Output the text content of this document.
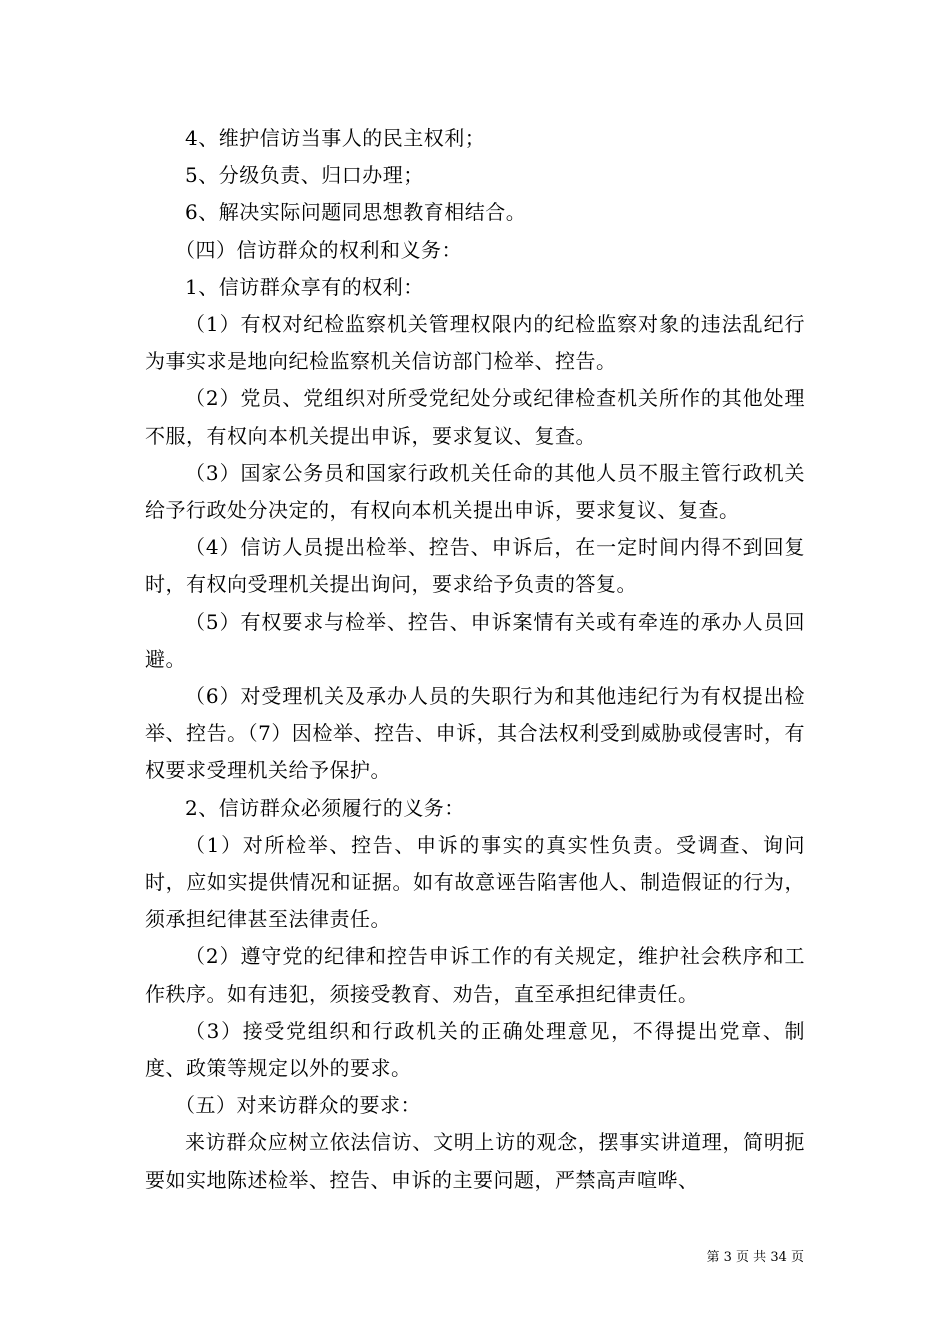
4、维护信访当事人的民主权利；

5、分级负责、归口办理；

6、解决实际问题同思想教育相结合。

（四）信访群众的权利和义务：

1、信访群众享有的权利：

（1）有权对纪检监察机关管理权限内的纪检监察对象的违法乱纪行为事实求是地向纪检监察机关信访部门检举、控告。

（2）党员、党组织对所受党纪处分或纪律检查机关所作的其他处理不服，有权向本机关提出申诉，要求复议、复查。

（3）国家公务员和国家行政机关任命的其他人员不服主管行政机关给予行政处分决定的，有权向本机关提出申诉，要求复议、复查。

（4）信访人员提出检举、控告、申诉后，在一定时间内得不到回复时，有权向受理机关提出询问，要求给予负责的答复。

（5）有权要求与检举、控告、申诉案情有关或有牵连的承办人员回避。

（6）对受理机关及承办人员的失职行为和其他违纪行为有权提出检举、控告。（7）因检举、控告、申诉，其合法权利受到威胁或侵害时，有权要求受理机关给予保护。

2、信访群众必须履行的义务：

（1）对所检举、控告、申诉的事实的真实性负责。受调查、询问时，应如实提供情况和证据。如有故意诬告陷害他人、制造假证的行为，须承担纪律甚至法律责任。

（2）遵守党的纪律和控告申诉工作的有关规定，维护社会秩序和工作秩序。如有违犯，须接受教育、劝告，直至承担纪律责任。

（3）接受党组织和行政机关的正确处理意见，不得提出党章、制度、政策等规定以外的要求。

（五）对来访群众的要求：

来访群众应树立依法信访、文明上访的观念，摆事实讲道理，简明扼要如实地陈述检举、控告、申诉的主要问题，严禁高声喧哗、

第 3 页 共 34 页
